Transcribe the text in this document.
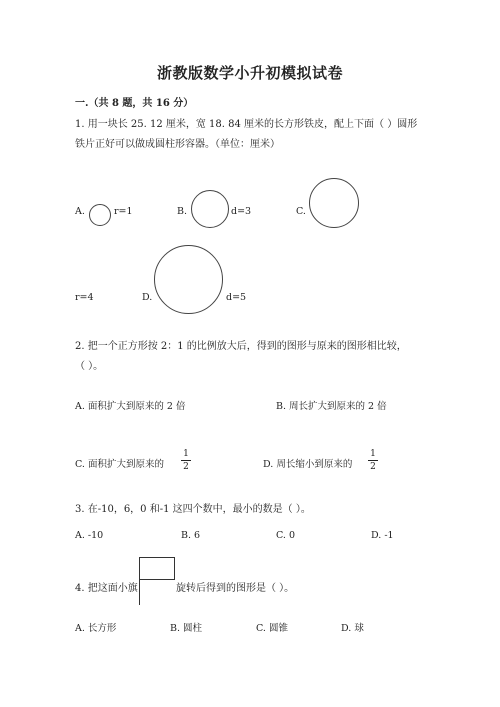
浙教版数学小升初模拟试卷
一.（共 8 题，共 16 分）
1. 用一块长 25. 12 厘米，宽 18. 84 厘米的长方形铁皮，配上下面（ ）圆形
铁片正好可以做成圆柱形容器。（单位：厘米）
A.	r=1	B.	d=3	C.
r=4	D.	d=5
2. 把一个正方形按 2：1 的比例放大后，得到的图形与原来的图形相比较，
（ ）。
A. 面积扩大到原来的 2 倍	B. 周长扩大到原来的 2 倍
C. 面积扩大到原来的
1
2	D. 周长缩小到原来的
1
2
3. 在-10，6，0 和-1 这四个数中，最小的数是（ ）。
A. -10	B. 6	C. 0	D. -1
4. 把这面小旗	旋转后得到的图形是（ ）。
A. 长方形	B. 圆柱	C. 圆锥	D. 球
